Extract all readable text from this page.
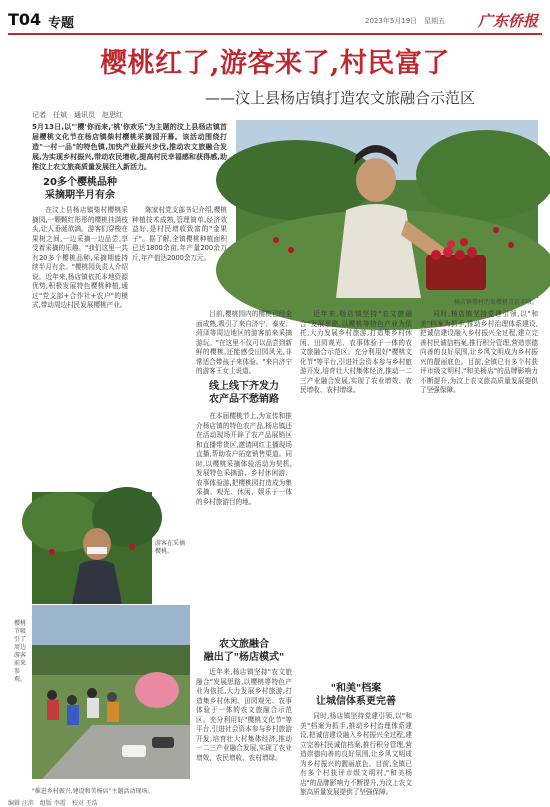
T04 专题	2023年5月19日　星期五 广东侨报
樱桃红了,游客来了,村民富了
——汶上县杨店镇打造农文旅融合示范区
记者　任斌　通讯员　赵思红
5月13日,以"'樱'你而来,'桃'你欢乐"为主题的汶上县杨店镇首届樱桃文化节在杨店镇柴村樱桃采摘园开幕。该活动围绕打造"一村一品"的特色镇,加快产业振兴步伐,推动农文旅融合发展,为实现乡村振兴,带动农民增收,提高村民幸福感和获得感,助推汶上农文旅高质量发展注入新活力。
杨店镇柴村的果樱桃喜获丰收。
20多个樱桃品种
采摘期半月有余

在汶上县杨店镇柴村樱桃采摘园,一颗颗红彤彤的樱桃挂满枝头,让人垂涎欲滴。游客们穿梭在果树之间,一边采摘一边品尝,享受着采摘的乐趣。"我们这里一共有20多个樱桃品种,采摘期能持续半月有余。"樱桃园负责人介绍说。近年来,杨店镇依托本地资源优势,积极发展特色樱桃种植,通过"党支部+合作社+农户"的模式,带动周边村民发展樱桃产业。

陈家村党支部书记介绍,樱桃种植技术成熟,管理简单,经济效益好,是村民增收致富的"金果子"。据了解,全镇樱桃种植面积已达1800余亩,年产量200余万斤,年产值达2000余万元。

游客在采摘樱桃。
樱桃节吸引了周边游客前来参观。

目前,樱桃园内的樱桃已经全面成熟,吸引了来自济宁、泰安、菏泽等周边地区的游客前来采摘游玩。"在这里不仅可以品尝到新鲜的樱桃,还能感受田园风光,非常适合带孩子来体验。"来自济宁的游客王女士说道。

线上线下齐发力
农产品不愁销路

在本届樱桃节上,为宣传和推介杨店镇的特色农产品,杨店镇还在活动现场开辟了农产品展销区和直播带货区,邀请网红主播现场直播,帮助农户拓宽销售渠道。同时,以樱桃采摘体验活动为契机,发展特色采摘游、乡村休闲游、农事体验游,把樱桃园打造成为集采摘、观光、休闲、娱乐于一体的乡村旅游目的地。

农文旅融合
融出了"杨店模式"

近年来,杨店镇坚持"农文旅融合"发展思路,以樱桃等特色产业为依托,大力发展乡村旅游,打造集乡村休闲、田园观光、农事体验于一体的农文旅融合示范区。充分利用好"樱桃文化节"等平台,引进社会资本参与乡村旅游开发,培育壮大村集体经济,推动一二三产业融合发展,实现了农业增效、农民增收、农村增绿。

近年来,杨店镇坚持"农文旅融合"发展思路,以樱桃等特色产业为依托,大力发展乡村旅游,打造集乡村休闲、田园观光、农事体验于一体的农文旅融合示范区。充分利用好"樱桃文化节"等平台,引进社会资本参与乡村旅游开发,培育壮大村集体经济,推动一二三产业融合发展,实现了农业增效、农民增收、农村增绿。

"和美"档案
让城信体系更完善

同时,杨店镇坚持党建引领,以"和美"档案为抓手,推动乡村治理体系建设,把诚信建设融入乡村振兴全过程,建立完善村民诚信档案,推行积分管理,营造崇德向善的良好氛围,让乡风文明成为乡村振兴的靓丽底色。目前,全镇已有多个村获评市级文明村,"和美杨店"的品牌影响力不断提升,为汶上农文旅高质量发展提供了坚强保障。

同时,杨店镇坚持党建引领,以"和美"档案为抓手,推动乡村治理体系建设,把诚信建设融入乡村振兴全过程,建立完善村民诚信档案,推行积分管理,营造崇德向善的良好氛围,让乡风文明成为乡村振兴的靓丽底色。目前,全镇已有多个村获评市级文明村,"和美杨店"的品牌影响力不断提升,为汶上农文旅高质量发展提供了坚强保障。

"推进乡村振兴,建设和美杨店"主题活动现场。
编辑 汪滨　组版 李霞　校对 王浩
